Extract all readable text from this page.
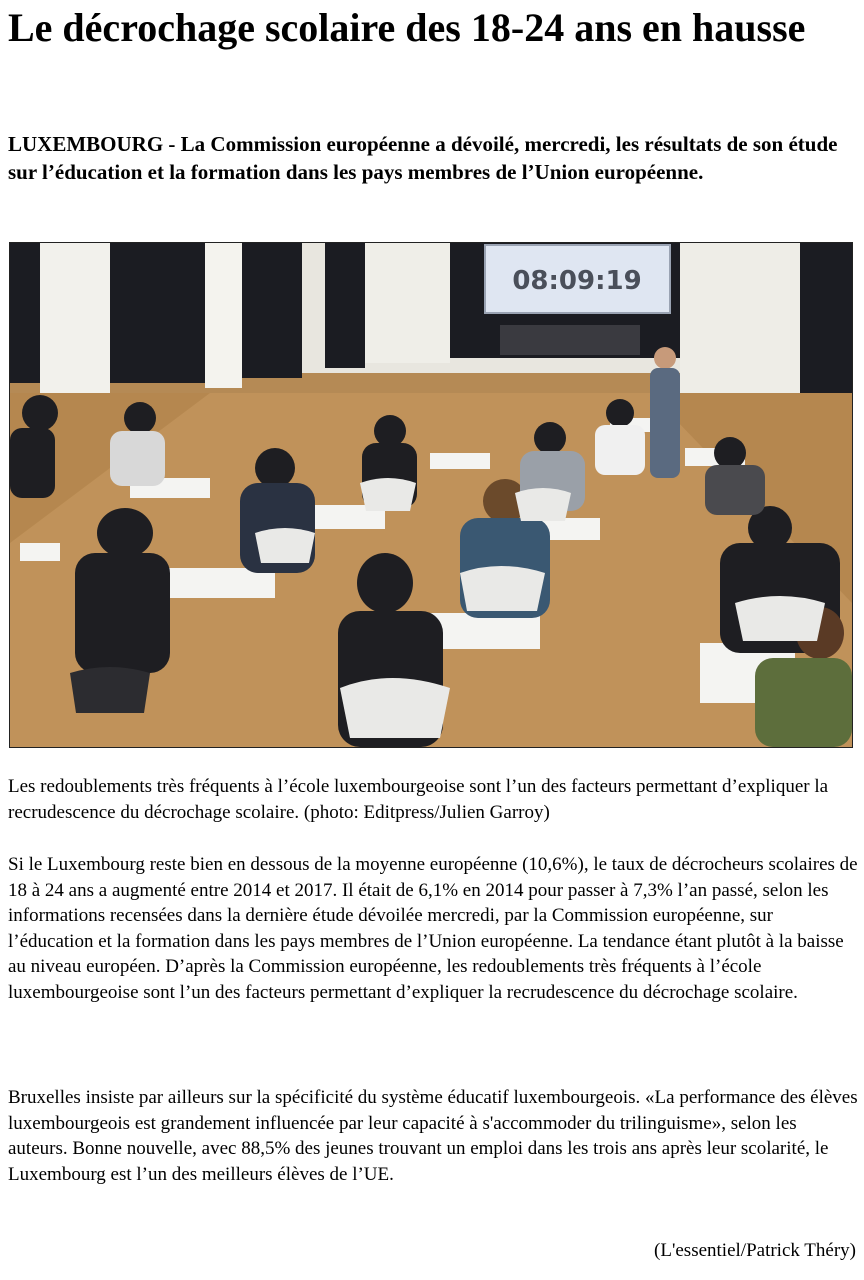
Le décrochage scolaire des 18-24 ans en hausse

LUXEMBOURG - La Commission européenne a dévoilé, mercredi, les résultats de son étude sur l’éducation et la formation dans les pays membres de l’Union européenne.

08:09:19

Les redoublements très fréquents à l’école luxembourgeoise sont l’un des facteurs permettant d’expliquer la recrudescence du décrochage scolaire. (photo: Editpress/Julien Garroy)

Si le Luxembourg reste bien en dessous de la moyenne européenne (10,6%), le taux de décrocheurs scolaires de 18 à 24 ans a augmenté entre 2014 et 2017. Il était de 6,1% en 2014 pour passer à 7,3% l’an passé, selon les informations recensées dans la dernière étude dévoilée mercredi, par la Commission européenne, sur l’éducation et la formation dans les pays membres de l’Union européenne. La tendance étant plutôt à la baisse au niveau européen. D’après la Commission européenne, les redoublements très fréquents à l’école luxembourgeoise sont l’un des facteurs permettant d’expliquer la recrudescence du décrochage scolaire.

Bruxelles insiste par ailleurs sur la spécificité du système éducatif luxembourgeois. «La performance des élèves luxembourgeois est grandement influencée par leur capacité à s'accommoder du trilinguisme», selon les auteurs. Bonne nouvelle, avec 88,5% des jeunes trouvant un emploi dans les trois ans après leur scolarité, le Luxembourg est l’un des meilleurs élèves de l’UE.

(L'essentiel/Patrick Théry)
